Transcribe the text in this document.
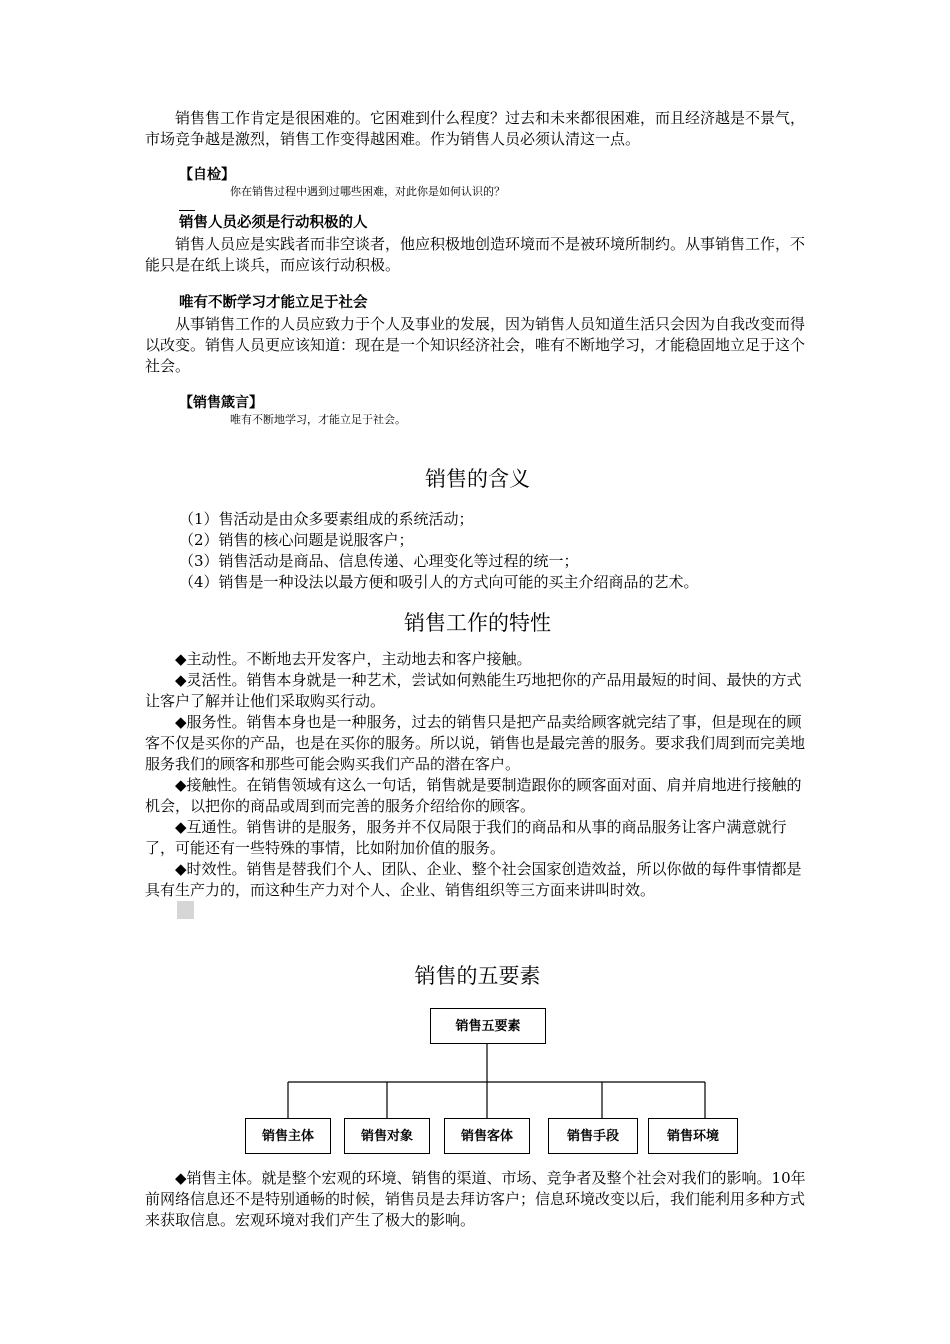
销售售工作肯定是很困难的。它困难到什么程度？过去和未来都很困难，而且经济越是不景气，市场竞争越是激烈，销售工作变得越困难。作为销售人员必须认清这一点。

【自检】

你在销售过程中遇到过哪些困难，对此你是如何认识的？

销售人员必须是行动积极的人

销售人员应是实践者而非空谈者，他应积极地创造环境而不是被环境所制约。从事销售工作，不能只是在纸上谈兵，而应该行动积极。

唯有不断学习才能立足于社会

从事销售工作的人员应致力于个人及事业的发展，因为销售人员知道生活只会因为自我改变而得以改变。销售人员更应该知道：现在是一个知识经济社会，唯有不断地学习，才能稳固地立足于这个社会。

【销售箴言】

唯有不断地学习，才能立足于社会。

销售的含义

（1）售活动是由众多要素组成的系统活动；

（2）销售的核心问题是说服客户；

（3）销售活动是商品、信息传递、心理变化等过程的统一；

（4）销售是一种设法以最方便和吸引人的方式向可能的买主介绍商品的艺术。

销售工作的特性

◆主动性。不断地去开发客户，主动地去和客户接触。

◆灵活性。销售本身就是一种艺术，尝试如何熟能生巧地把你的产品用最短的时间、最快的方式让客户了解并让他们采取购买行动。

◆服务性。销售本身也是一种服务，过去的销售只是把产品卖给顾客就完结了事，但是现在的顾客不仅是买你的产品，也是在买你的服务。所以说，销售也是最完善的服务。要求我们周到而完美地服务我们的顾客和那些可能会购买我们产品的潜在客户。

◆接触性。在销售领域有这么一句话，销售就是要制造跟你的顾客面对面、肩并肩地进行接触的机会，以把你的商品或周到而完善的服务介绍给你的顾客。

◆互通性。销售讲的是服务，服务并不仅局限于我们的商品和从事的商品服务让客户满意就行了，可能还有一些特殊的事情，比如附加价值的服务。

◆时效性。销售是替我们个人、团队、企业、整个社会国家创造效益，所以你做的每件事情都是具有生产力的，而这种生产力对个人、企业、销售组织等三方面来讲叫时效。

销售的五要素

销售五要素
销售主体	销售对象	销售客体	销售手段	销售环境

◆销售主体。就是整个宏观的环境、销售的渠道、市场、竞争者及整个社会对我们的影响。10年前网络信息还不是特别通畅的时候，销售员是去拜访客户；信息环境改变以后，我们能利用多种方式来获取信息。宏观环境对我们产生了极大的影响。
